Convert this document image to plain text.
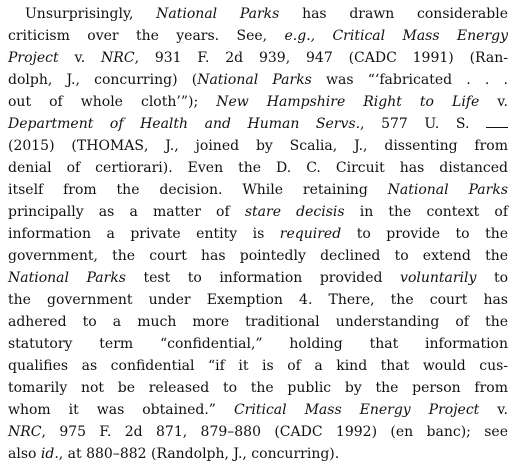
Unsurprisingly, National Parks has drawn considerable
criticism over the years. See, e.g., Critical Mass Energy
Project v. NRC, 931 F. 2d 939, 947 (CADC 1991) (Ran-
dolph, J., concurring) (National Parks was “‘fabricated . . .
out of whole cloth’”); New Hampshire Right to Life v.
Department of Health and Human Servs., 577 U. S.
(2015) (THOMAS, J., joined by Scalia, J., dissenting from
denial of certiorari). Even the D. C. Circuit has distanced
itself from the decision. While retaining National Parks
principally as a matter of stare decisis in the context of
information a private entity is required to provide to the
government, the court has pointedly declined to extend the
National Parks test to information provided voluntarily to
the government under Exemption 4. There, the court has
adhered to a much more traditional understanding of the
statutory term “confidential,” holding that information
qualifies as confidential “if it is of a kind that would cus-
tomarily not be released to the public by the person from
whom it was obtained.” Critical Mass Energy Project v.
NRC, 975 F. 2d 871, 879–880 (CADC 1992) (en banc); see
also id., at 880–882 (Randolph, J., concurring).
